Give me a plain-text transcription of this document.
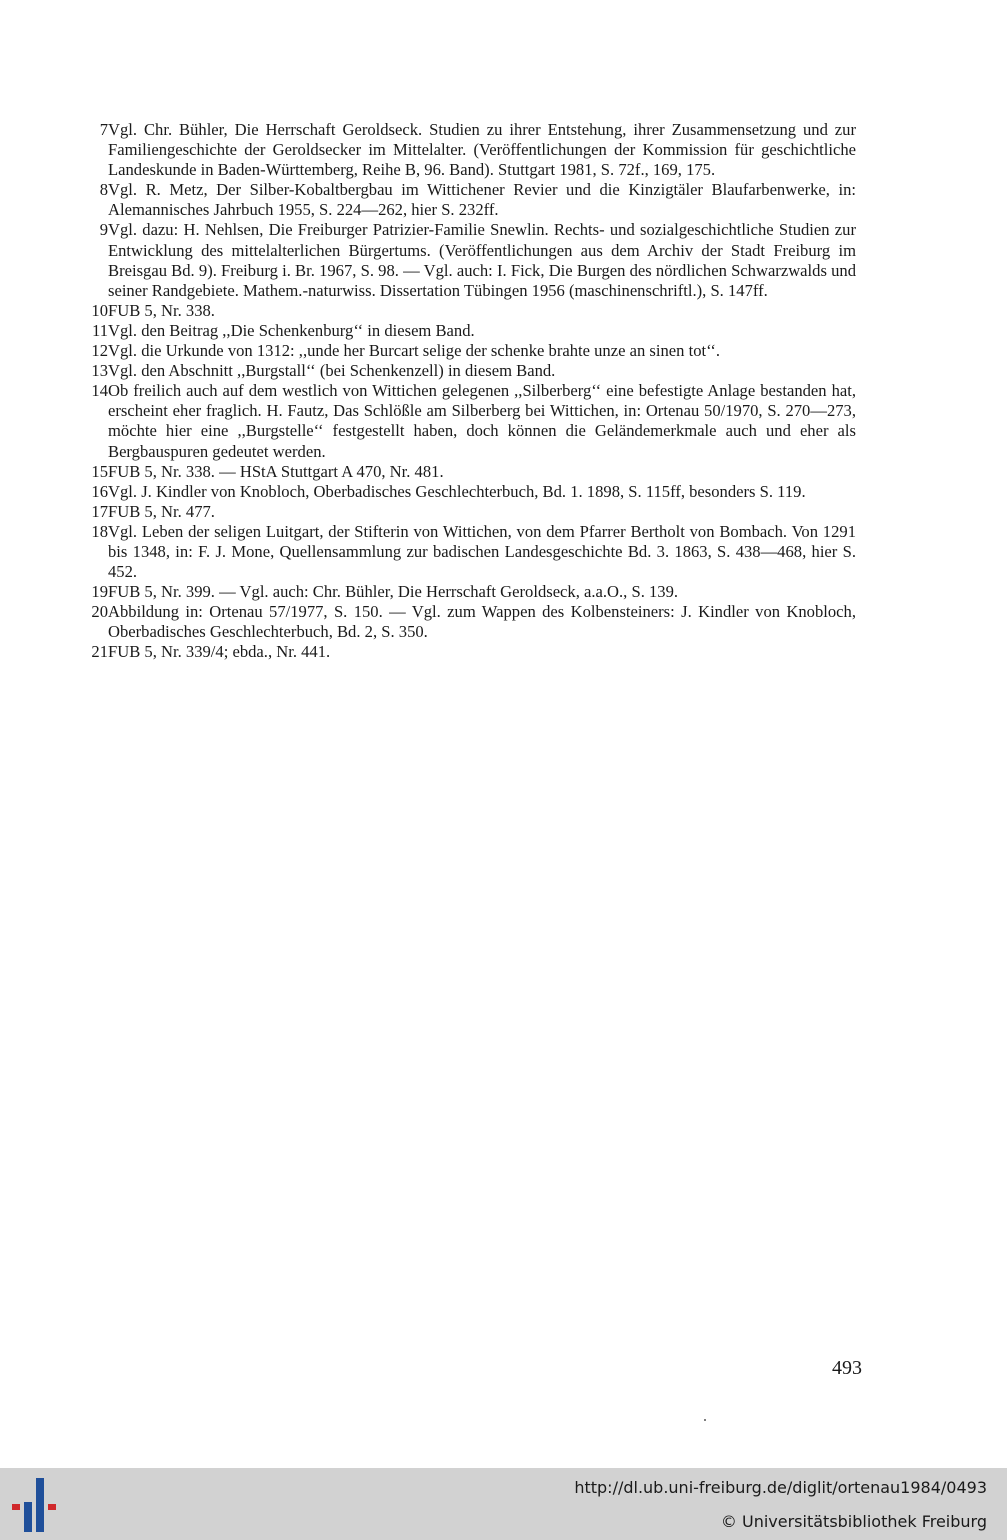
7 Vgl. Chr. Bühler, Die Herrschaft Geroldseck. Studien zu ihrer Entstehung, ihrer Zusammensetzung und zur Familiengeschichte der Geroldsecker im Mittelalter. (Veröffentlichungen der Kommission für geschichtliche Landeskunde in Baden-Württemberg, Reihe B, 96. Band). Stuttgart 1981, S. 72f., 169, 175.
8 Vgl. R. Metz, Der Silber-Kobaltbergbau im Wittichener Revier und die Kinzigtäler Blaufarbenwerke, in: Alemannisches Jahrbuch 1955, S. 224—262, hier S. 232ff.
9 Vgl. dazu: H. Nehlsen, Die Freiburger Patrizier-Familie Snewlin. Rechts- und sozialgeschichtliche Studien zur Entwicklung des mittelalterlichen Bürgertums. (Veröffentlichungen aus dem Archiv der Stadt Freiburg im Breisgau Bd. 9). Freiburg i. Br. 1967, S. 98. — Vgl. auch: I. Fick, Die Burgen des nördlichen Schwarzwalds und seiner Randgebiete. Mathem.-naturwiss. Dissertation Tübingen 1956 (maschinenschriftl.), S. 147ff.
10 FUB 5, Nr. 338.
11 Vgl. den Beitrag ,,Die Schenkenburg‘‘ in diesem Band.
12 Vgl. die Urkunde von 1312: ,,unde her Burcart selige der schenke brahte unze an sinen tot‘‘.
13 Vgl. den Abschnitt ,,Burgstall‘‘ (bei Schenkenzell) in diesem Band.
14 Ob freilich auch auf dem westlich von Wittichen gelegenen ,,Silberberg‘‘ eine befestigte Anlage bestanden hat, erscheint eher fraglich. H. Fautz, Das Schlößle am Silberberg bei Wittichen, in: Ortenau 50/1970, S. 270—273, möchte hier eine ,,Burgstelle‘‘ festgestellt haben, doch können die Geländemerkmale auch und eher als Bergbauspuren gedeutet werden.
15 FUB 5, Nr. 338. — HStA Stuttgart A 470, Nr. 481.
16 Vgl. J. Kindler von Knobloch, Oberbadisches Geschlechterbuch, Bd. 1. 1898, S. 115ff, besonders S. 119.
17 FUB 5, Nr. 477.
18 Vgl. Leben der seligen Luitgart, der Stifterin von Wittichen, von dem Pfarrer Bertholt von Bombach. Von 1291 bis 1348, in: F. J. Mone, Quellensammlung zur badischen Landesgeschichte Bd. 3. 1863, S. 438—468, hier S. 452.
19 FUB 5, Nr. 399. — Vgl. auch: Chr. Bühler, Die Herrschaft Geroldseck, a.a.O., S. 139.
20 Abbildung in: Ortenau 57/1977, S. 150. — Vgl. zum Wappen des Kolbensteiners: J. Kindler von Knobloch, Oberbadisches Geschlechterbuch, Bd. 2, S. 350.
21 FUB 5, Nr. 339/4; ebda., Nr. 441.
493
http://dl.ub.uni-freiburg.de/diglit/ortenau1984/0493
© Universitätsbibliothek Freiburg
